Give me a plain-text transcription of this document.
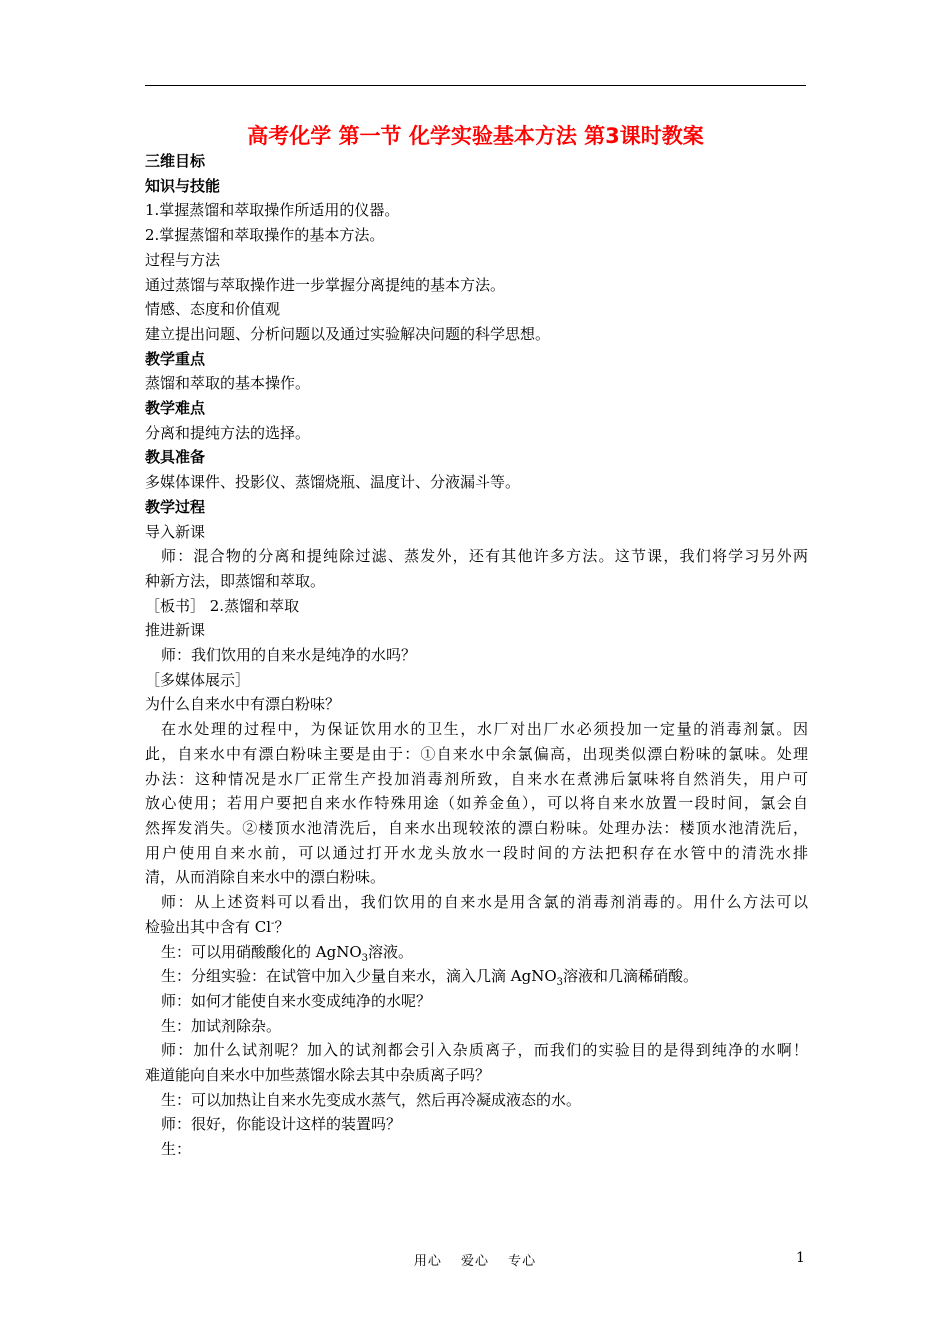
高考化学 第一节 化学实验基本方法 第3课时教案
三维目标
知识与技能
1.掌握蒸馏和萃取操作所适用的仪器。
2.掌握蒸馏和萃取操作的基本方法。
过程与方法
通过蒸馏与萃取操作进一步掌握分离提纯的基本方法。
情感、态度和价值观
建立提出问题、分析问题以及通过实验解决问题的科学思想。
教学重点
蒸馏和萃取的基本操作。
教学难点
分离和提纯方法的选择。
教具准备
多媒体课件、投影仪、蒸馏烧瓶、温度计、分液漏斗等。
教学过程
导入新课
师：混合物的分离和提纯除过滤、蒸发外，还有其他许多方法。这节课，我们将学习另外两
种新方法，即蒸馏和萃取。
［板书］ 2.蒸馏和萃取
推进新课
师：我们饮用的自来水是纯净的水吗？
［多媒体展示］
为什么自来水中有漂白粉味？
在水处理的过程中，为保证饮用水的卫生，水厂对出厂水必须投加一定量的消毒剂氯。因
此，自来水中有漂白粉味主要是由于：①自来水中余氯偏高，出现类似漂白粉味的氯味。处理
办法：这种情况是水厂正常生产投加消毒剂所致，自来水在煮沸后氯味将自然消失，用户可
放心使用；若用户要把自来水作特殊用途（如养金鱼），可以将自来水放置一段时间，氯会自
然挥发消失。②楼顶水池清洗后，自来水出现较浓的漂白粉味。处理办法：楼顶水池清洗后，
用户使用自来水前，可以通过打开水龙头放水一段时间的方法把积存在水管中的清洗水排
清，从而消除自来水中的漂白粉味。
师：从上述资料可以看出，我们饮用的自来水是用含氯的消毒剂消毒的。用什么方法可以
检验出其中含有 Cl-？
生：可以用硝酸酸化的 AgNO$_3$溶液。
生：分组实验：在试管中加入少量自来水，滴入几滴 AgNO$_3$溶液和几滴稀硝酸。
师：如何才能使自来水变成纯净的水呢？
生：加试剂除杂。
师：加什么试剂呢？加入的试剂都会引入杂质离子，而我们的实验目的是得到纯净的水啊！
难道能向自来水中加些蒸馏水除去其中杂质离子吗？
生：可以加热让自来水先变成水蒸气，然后再冷凝成液态的水。
师：很好，你能设计这样的装置吗？
生：
用心　 爱心　 专心	1
